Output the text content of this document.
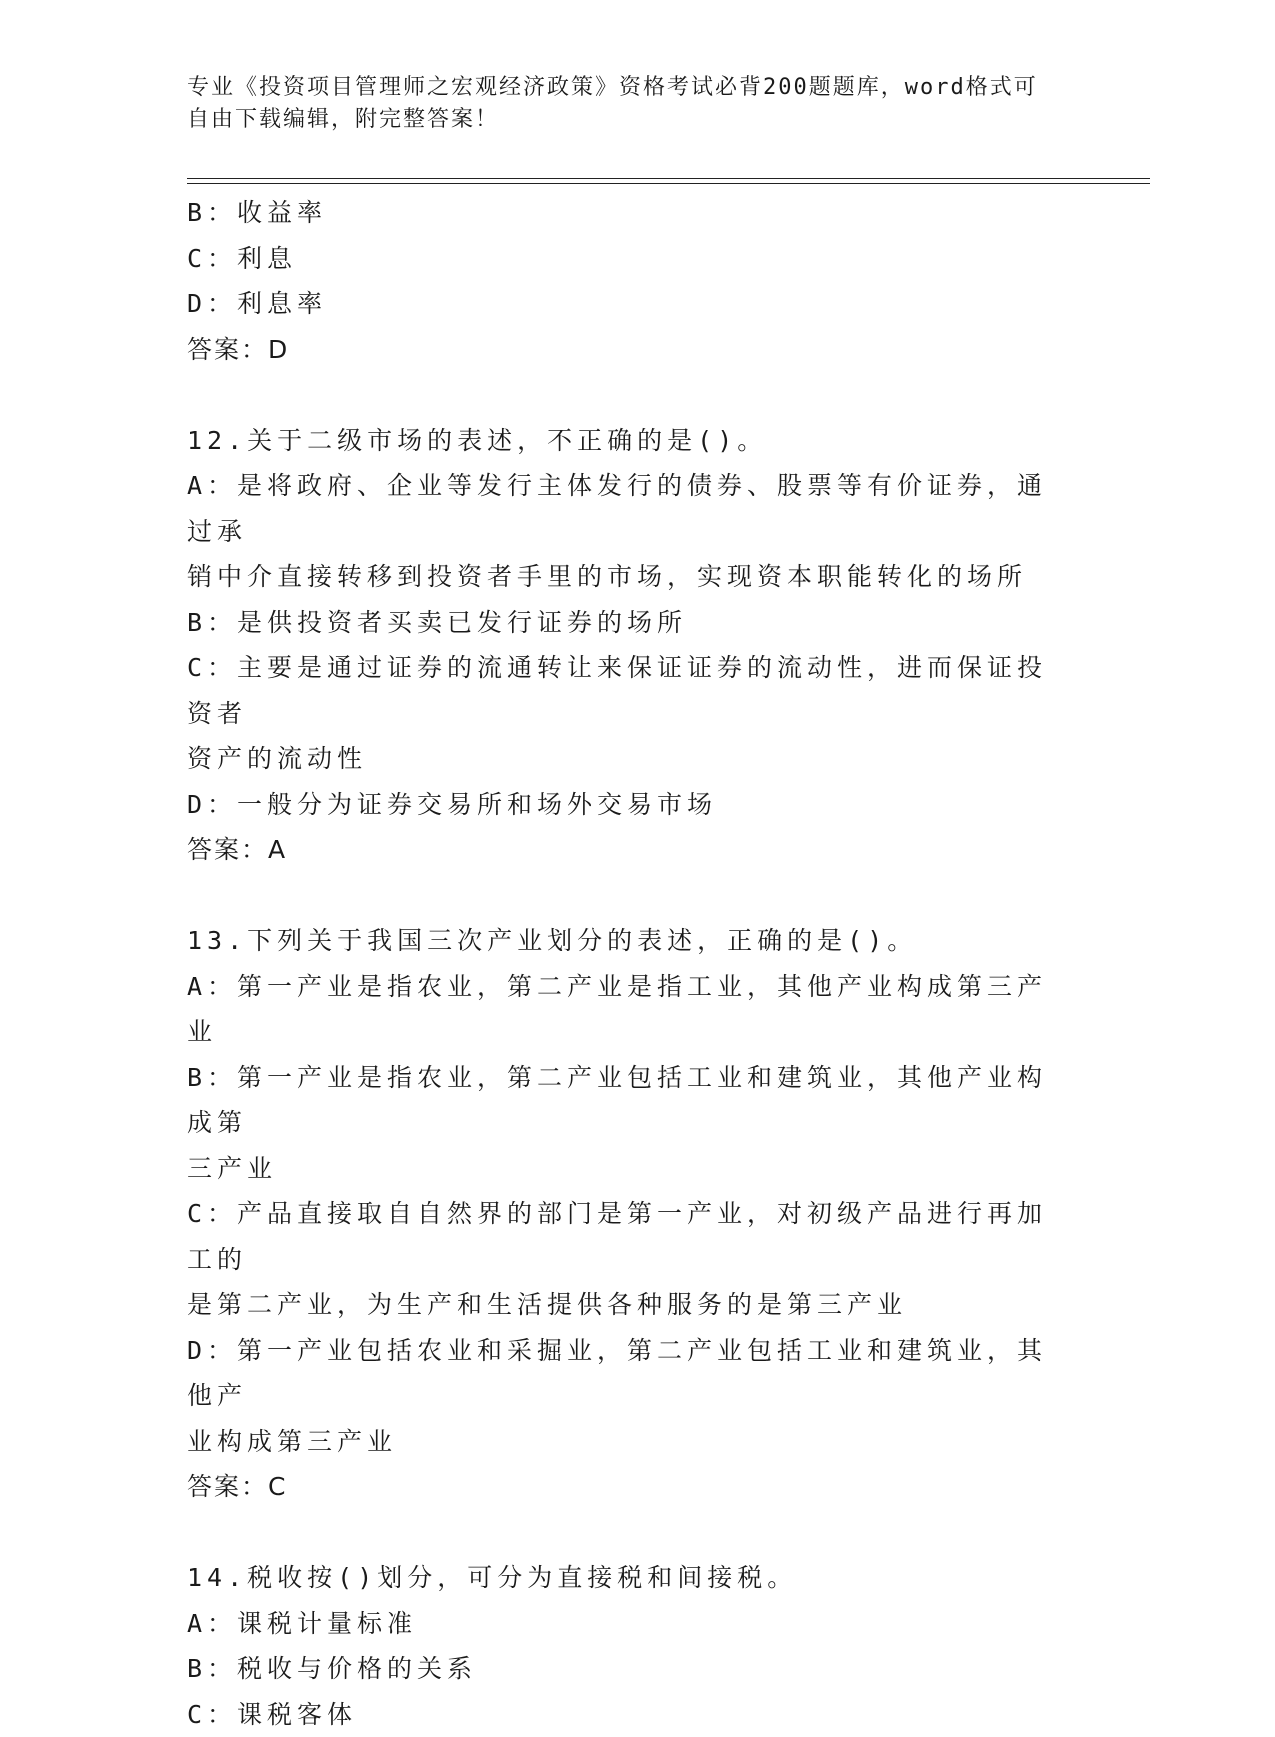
专业《投资项目管理师之宏观经济政策》资格考试必背200题题库，word格式可
自由下载编辑，附完整答案！

B：收益率

C：利息

D：利息率

答案：D

12.关于二级市场的表述，不正确的是()。

A：是将政府、企业等发行主体发行的债券、股票等有价证券，通过承

销中介直接转移到投资者手里的市场，实现资本职能转化的场所

B：是供投资者买卖已发行证券的场所

C：主要是通过证券的流通转让来保证证券的流动性，进而保证投资者

资产的流动性

D：一般分为证券交易所和场外交易市场

答案：A

13.下列关于我国三次产业划分的表述，正确的是()。

A：第一产业是指农业，第二产业是指工业，其他产业构成第三产业

B：第一产业是指农业，第二产业包括工业和建筑业，其他产业构成第

三产业

C：产品直接取自自然界的部门是第一产业，对初级产品进行再加工的

是第二产业，为生产和生活提供各种服务的是第三产业

D：第一产业包括农业和采掘业，第二产业包括工业和建筑业，其他产

业构成第三产业

答案：C

14.税收按()划分，可分为直接税和间接税。

A：课税计量标准

B：税收与价格的关系

C：课税客体
